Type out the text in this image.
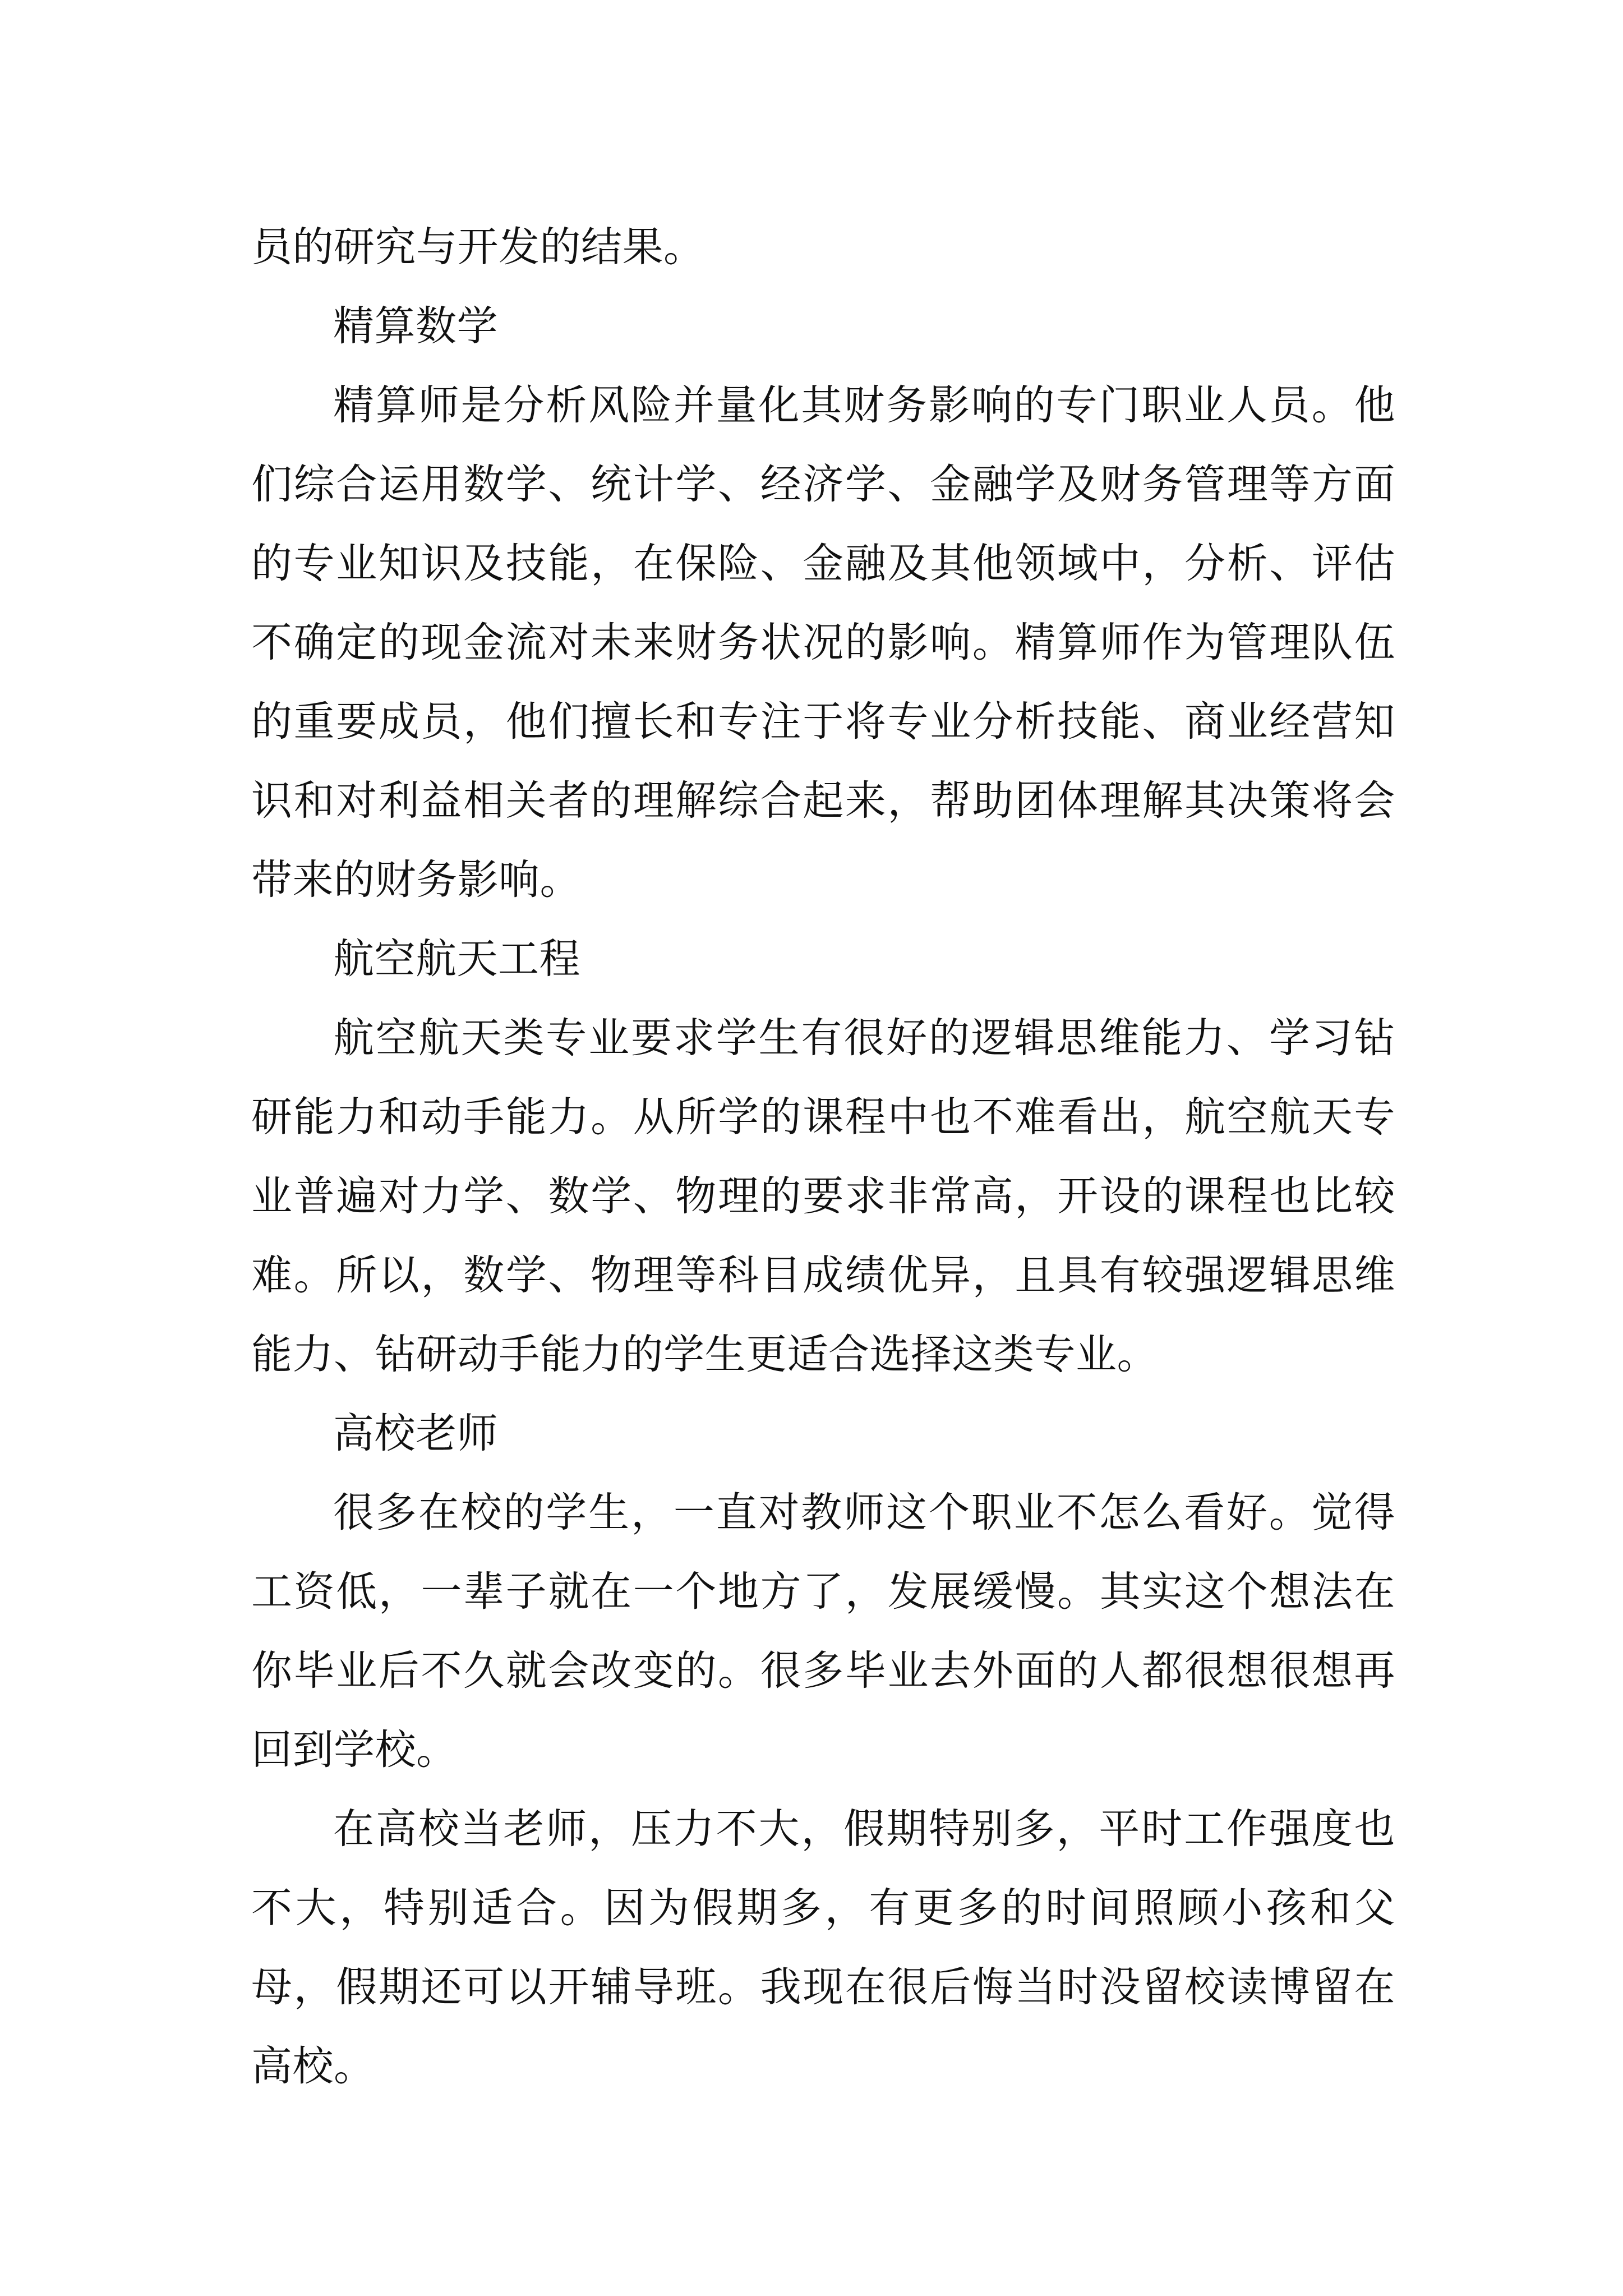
员的研究与开发的结果。

精算数学

精算师是分析风险并量化其财务影响的专门职业人员。他们综合运用数学、统计学、经济学、金融学及财务管理等方面的专业知识及技能，在保险、金融及其他领域中，分析、评估不确定的现金流对未来财务状况的影响。精算师作为管理队伍的重要成员，他们擅长和专注于将专业分析技能、商业经营知识和对利益相关者的理解综合起来，帮助团体理解其决策将会带来的财务影响。

航空航天工程

航空航天类专业要求学生有很好的逻辑思维能力、学习钻研能力和动手能力。从所学的课程中也不难看出，航空航天专业普遍对力学、数学、物理的要求非常高，开设的课程也比较难。所以，数学、物理等科目成绩优异，且具有较强逻辑思维能力、钻研动手能力的学生更适合选择这类专业。

高校老师

很多在校的学生，一直对教师这个职业不怎么看好。觉得工资低，一辈子就在一个地方了，发展缓慢。其实这个想法在你毕业后不久就会改变的。很多毕业去外面的人都很想很想再回到学校。

在高校当老师，压力不大，假期特别多，平时工作强度也不大，特别适合。因为假期多，有更多的时间照顾小孩和父母，假期还可以开辅导班。我现在很后悔当时没留校读博留在高校。
